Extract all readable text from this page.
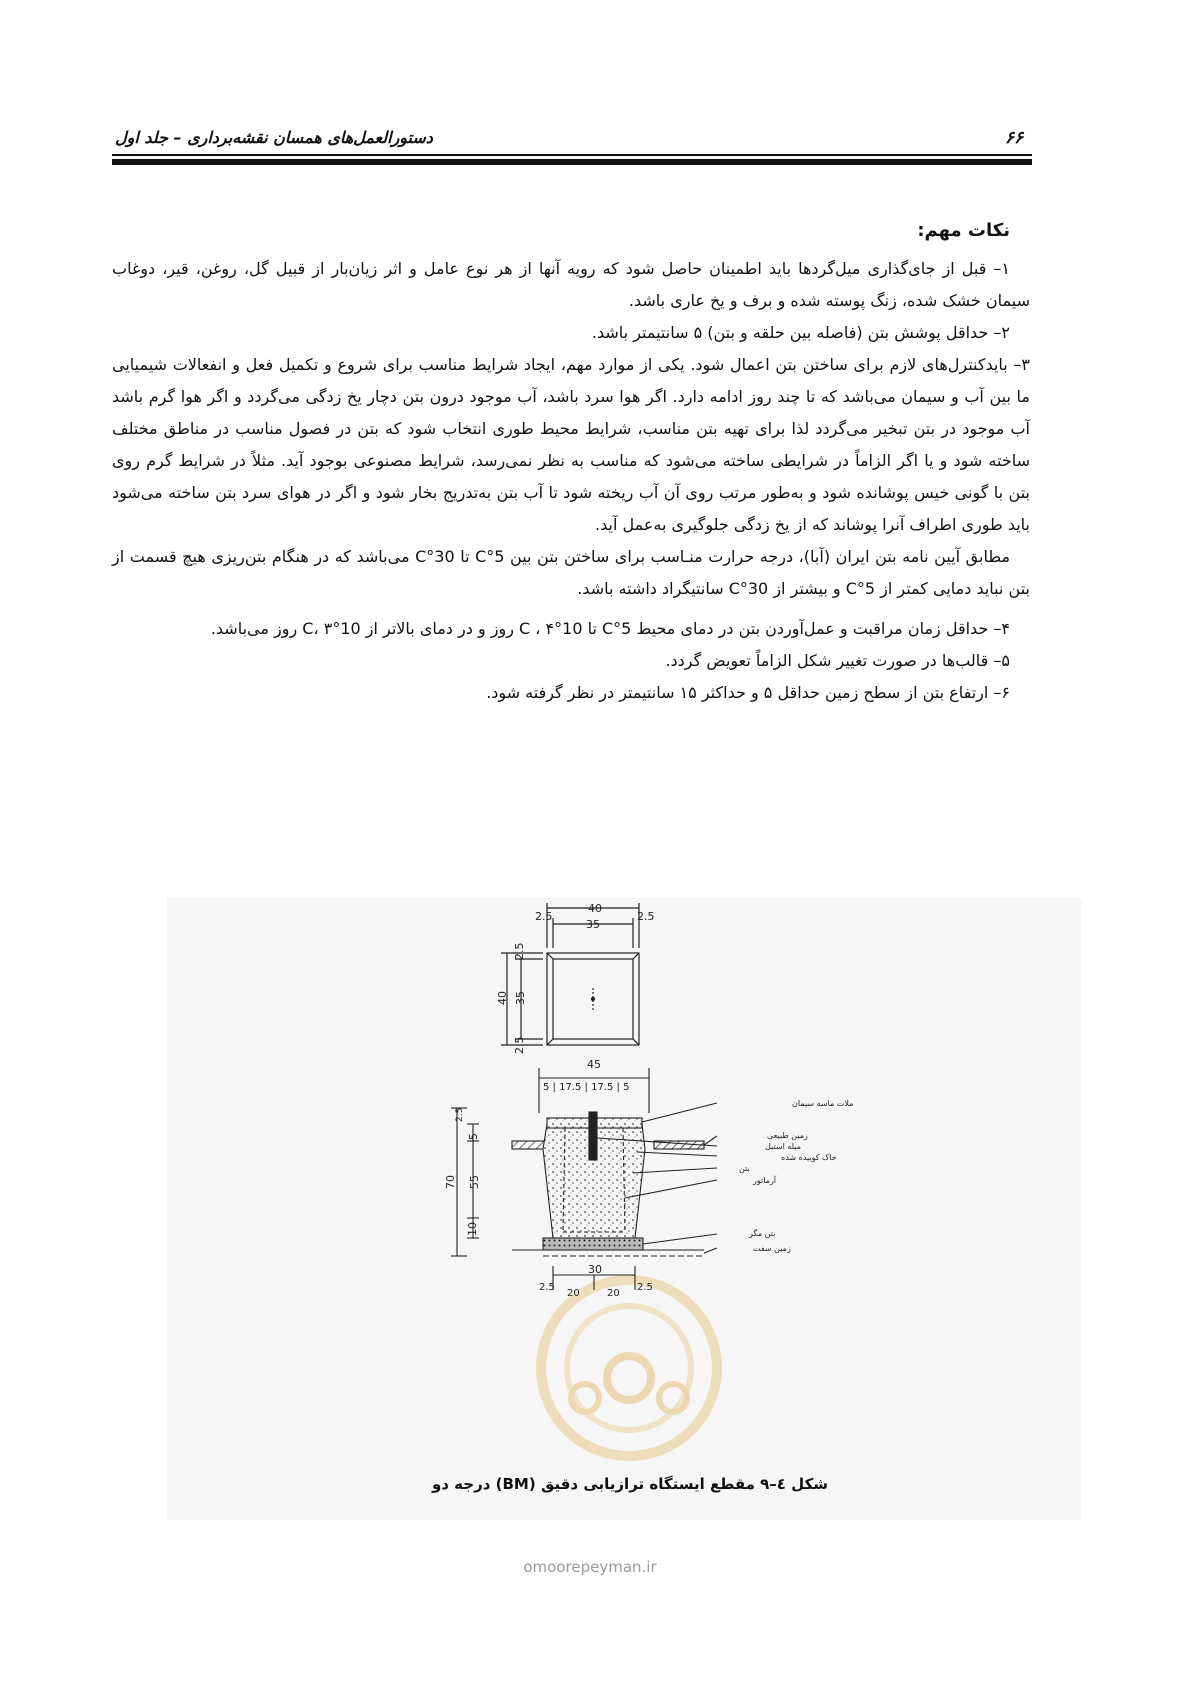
۶۶
دستورالعمل‌های همسان نقشه‌برداری – جلد اول
نکات مهم:

۱– قبل از جای‌گذاری میل‌گردها باید اطمینان حاصل شود که رویه آنها از هر نوع عامل و اثر زیان‌بار از قبیل گل، روغن، قیر، دوغاب سیمان خشک شده، زنگ پوسته شده و برف و یخ عاری باشد.

۲– حداقل پوشش بتن (فاصله بین حلقه و بتن) ۵ سانتیمتر باشد.

۳– بایدکنترل‌های لازم برای ساختن بتن اعمال شود. یکی از موارد مهم، ایجاد شرایط مناسب برای شروع و تکمیل فعل و انفعالات شیمیایی ما بین آب و سیمان می‌باشد که تا چند روز ادامه دارد. اگر هوا سرد باشد، آب موجود درون بتن دچار یخ زدگی می‌گردد و اگر هوا گرم باشد آب موجود در بتن تبخیر می‌گردد لذا برای تهیه بتن مناسب، شرایط محیط طوری انتخاب شود که بتن در فصول مناسب در مناطق مختلف ساخته شود و یا اگر الزاماً در شرایطی ساخته می‌شود که مناسب به نظر نمی‌رسد، شرایط مصنوعی بوجود آید. مثلاً در شرایط گرم روی بتن با گونی خیس پوشانده شود و به‌طور مرتب روی آن آب ریخته شود تا آب بتن به‌تدریج بخار شود و اگر در هوای سرد بتن ساخته می‌شود باید طوری اطراف آنرا پوشاند که از یخ زدگی جلوگیری به‌عمل آید.

مطابق آیین نامه بتن ایران (آبا)، درجه حرارت منـاسب برای ساختن بتن بین 5°C تا 30°C می‌باشد که در هنگام بتن‌ریزی هیچ قسمت از بتن نباید دمایی کمتر از 5°C و بیشتر از 30°C سانتیگراد داشته باشد.

۴– حداقل زمان مراقبت و عمل‌آوردن بتن در دمای محیط 5°C تا 10°C ، ۴ روز و در دمای بالاتر از 10°C، ۳ روز می‌باشد.

۵– قالب‌ها در صورت تغییر شکل الزاماً تعویض گردد.

۶– ارتفاع بتن از سطح زمین حداقل ۵ و حداکثر ۱۵ سانتیمتر در نظر گرفته شود.

40
35
2.5	2.5
40 35
2.5
2.5
45
5 | 17.5 | 17.5 | 5
70 55
5
2.5
10
30
2.5
20	20
2.5
ملات ماسه سیمان
زمین طبیعی
میله استیل
خاک کوبیده شده
بتن
آرماتور
بتن مگر
زمین سفت
شکل ٤–٩ مقطع ایستگاه ترازیابی دقیق (BM) درجه دو
omoorepeyman.ir
